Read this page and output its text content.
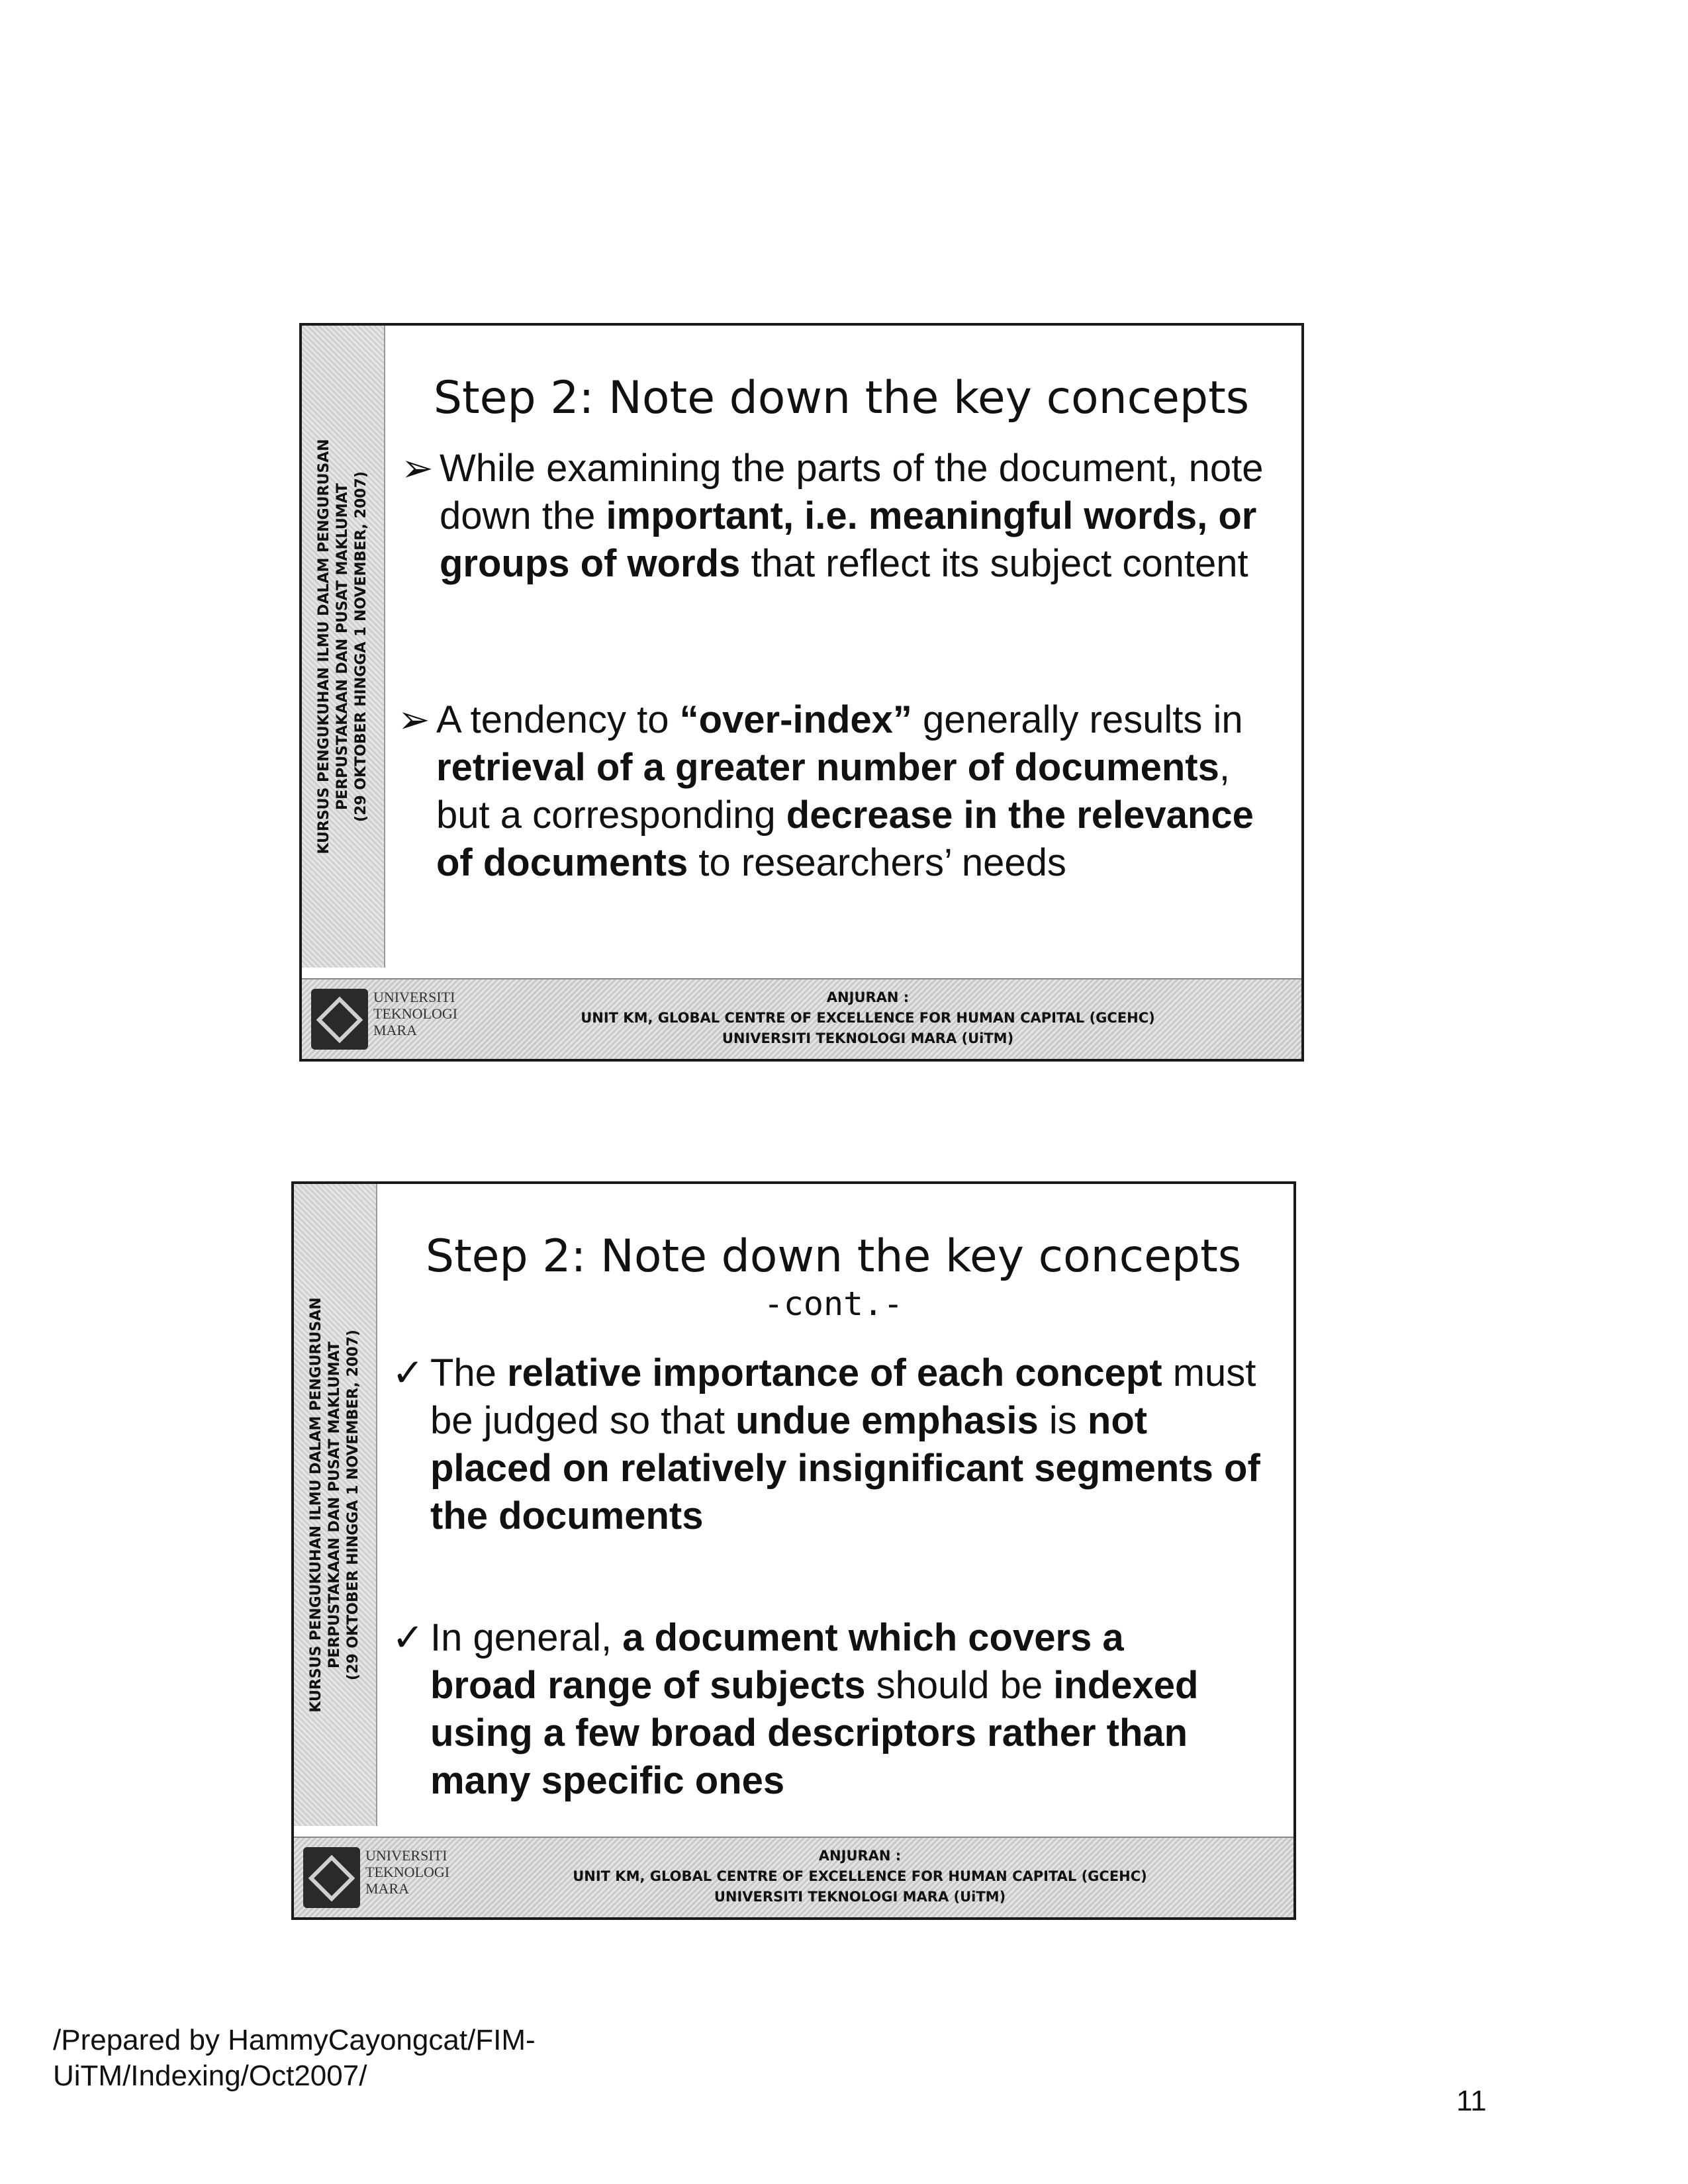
KURSUS PENGUKUHAN ILMU DALAM PENGURUSAN PERPUSTAKAAN DAN PUSAT MAKLUMAT (29 OKTOBER HINGGA 1 NOVEMBER, 2007)
Step 2: Note down the key concepts
➢ While examining the parts of the document, note down the important, i.e. meaningful words, or groups of words that reflect its subject content
➢ A tendency to “over-index” generally results in retrieval of a greater number of documents, but a corresponding decrease in the relevance of documents to researchers’ needs
UNIVERSITI
TEKNOLOGI
MARA
ANJURAN :
UNIT KM, GLOBAL CENTRE OF EXCELLENCE FOR HUMAN CAPITAL (GCEHC)
UNIVERSITI TEKNOLOGI MARA (UiTM)
KURSUS PENGUKUHAN ILMU DALAM PENGURUSAN PERPUSTAKAAN DAN PUSAT MAKLUMAT (29 OKTOBER HINGGA 1 NOVEMBER, 2007)
Step 2: Note down the key concepts
-cont.-
✓ The relative importance of each concept must be judged so that undue emphasis is not placed on relatively insignificant segments of the documents
✓ In general, a document which covers a broad range of subjects should be indexed using a few broad descriptors rather than many specific ones
UNIVERSITI
TEKNOLOGI
MARA
ANJURAN :
UNIT KM, GLOBAL CENTRE OF EXCELLENCE FOR HUMAN CAPITAL (GCEHC)
UNIVERSITI TEKNOLOGI MARA (UiTM)
/Prepared by HammyCayongcat/FIM-
UiTM/Indexing/Oct2007/
11
